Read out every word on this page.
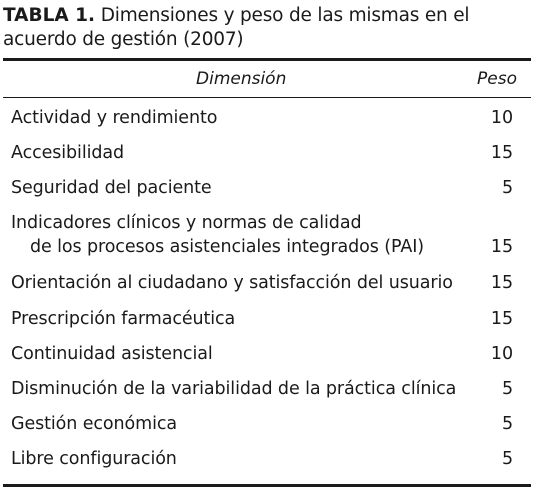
TABLA 1. Dimensiones y peso de las mismas en el acuerdo de gestión (2007)
Dimensión	Peso
Actividad y rendimiento	10
Accesibilidad	15
Seguridad del paciente	5
Indicadores clínicos y normas de calidad
de los procesos asistenciales integrados (PAI)	15
Orientación al ciudadano y satisfacción del usuario 15
Prescripción farmacéutica	15
Continuidad asistencial	10
Disminución de la variabilidad de la práctica clínica	5
Gestión económica	5
Libre configuración	5
